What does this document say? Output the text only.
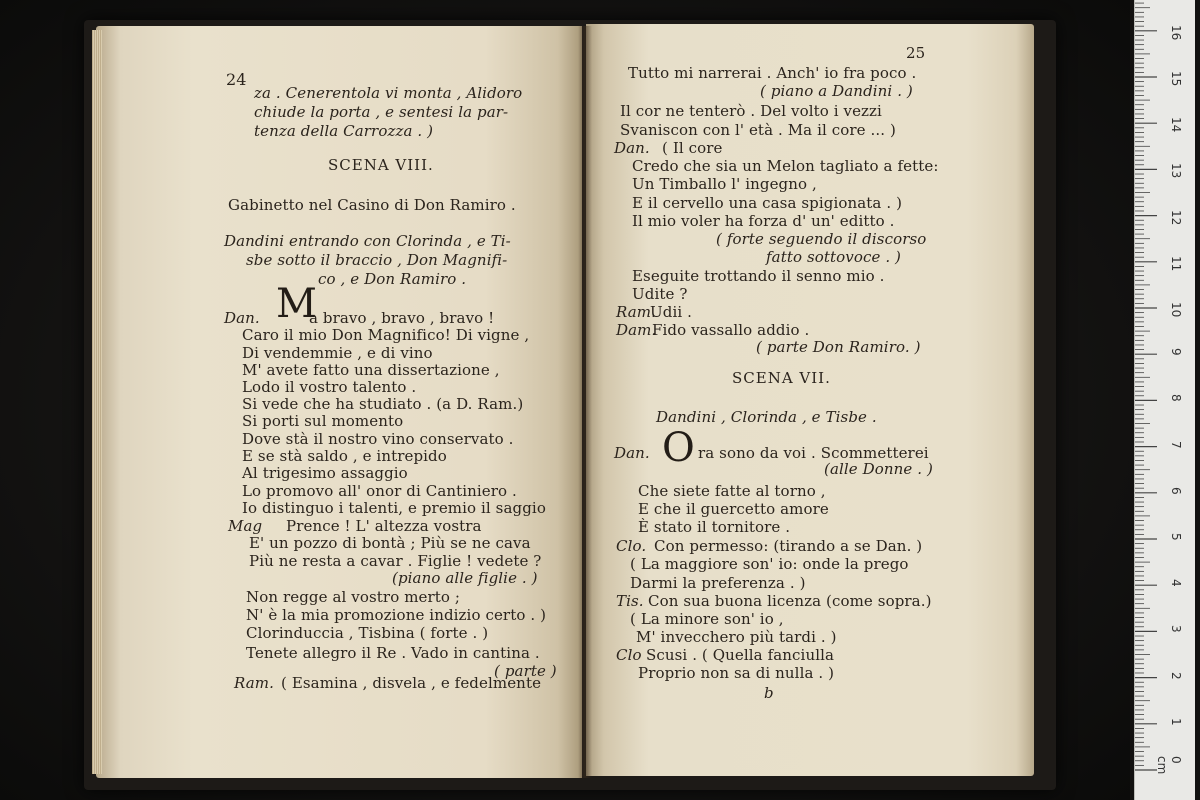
24
za . Cenerentola vi monta , Alidoro
chiude la porta , e sentesi la par-
tenza della Carrozza . )
SCENA VIII.
Gabinetto nel Casino di Don Ramiro .
Dandini entrando con Clorinda , e Ti-
sbe sotto il braccio , Don Magnifi-
co , e Don Ramiro .
a bravo , bravo , bravo !
Caro il mio Don Magnifico! Di vigne ,
Di vendemmie , e di vino
M' avete fatto una dissertazione ,
Lodo il vostro talento .
Si vede che ha studiato . (a D. Ram.)
Si porti sul momento
Dove stà il nostro vino conservato .
E se stà saldo , e intrepido
Al trigesimo assaggio
Lo promovo all' onor di Cantiniero .
Io distinguo i talenti, e premio il saggio
Prence ! L' altezza vostra
E' un pozzo di bontà ; Più se ne cava
Più ne resta a cavar . Figlie ! vedete ?
(piano alle figlie . )
Non regge al vostro merto ;
N' è la mia promozione indizio certo . )
Clorinduccia , Tisbina ( forte . )
Tenete allegro il Re . Vado in cantina .
( parte )
( Esamina , disvela , e fedelmente
Dan.
Mag
Ram.
M
25
Tutto mi narrerai . Anch' io fra poco .
( piano a Dandini . )
Il cor ne tenterò . Del volto i vezzi
Svaniscon con l' età . Ma il core ... )
( Il core
Credo che sia un Melon tagliato a fette:
Un Timballo l' ingegno ,
E il cervello una casa spigionata . )
Il mio voler ha forza d' un' editto .
( forte seguendo il discorso
fatto sottovoce . )
Eseguite trottando il senno mio .
Udite ?
Udii .
Fido vassallo addio .
( parte Don Ramiro. )
SCENA VII.
Dandini , Clorinda , e Tisbe .
ra sono da voi . Scommetterei
(alle Donne . )
Che siete fatte al torno ,
E che il guercetto amore
È stato il tornitore .
Con permesso: (tirando a se Dan. )
( La maggiore son' io: onde la prego
Darmi la preferenza . )
Con sua buona licenza (come sopra.)
( La minore son' io ,
M' invecchero più tardi . )
Scusi . ( Quella fanciulla
Proprio non sa di nulla . )
b
Dan.
Ram.
Dam.
Dan.
Clo.
Tis.
Clo
O
0 cm
1
2
3
4
5
6
7
8
9
10
11
12
13
14
15
16
